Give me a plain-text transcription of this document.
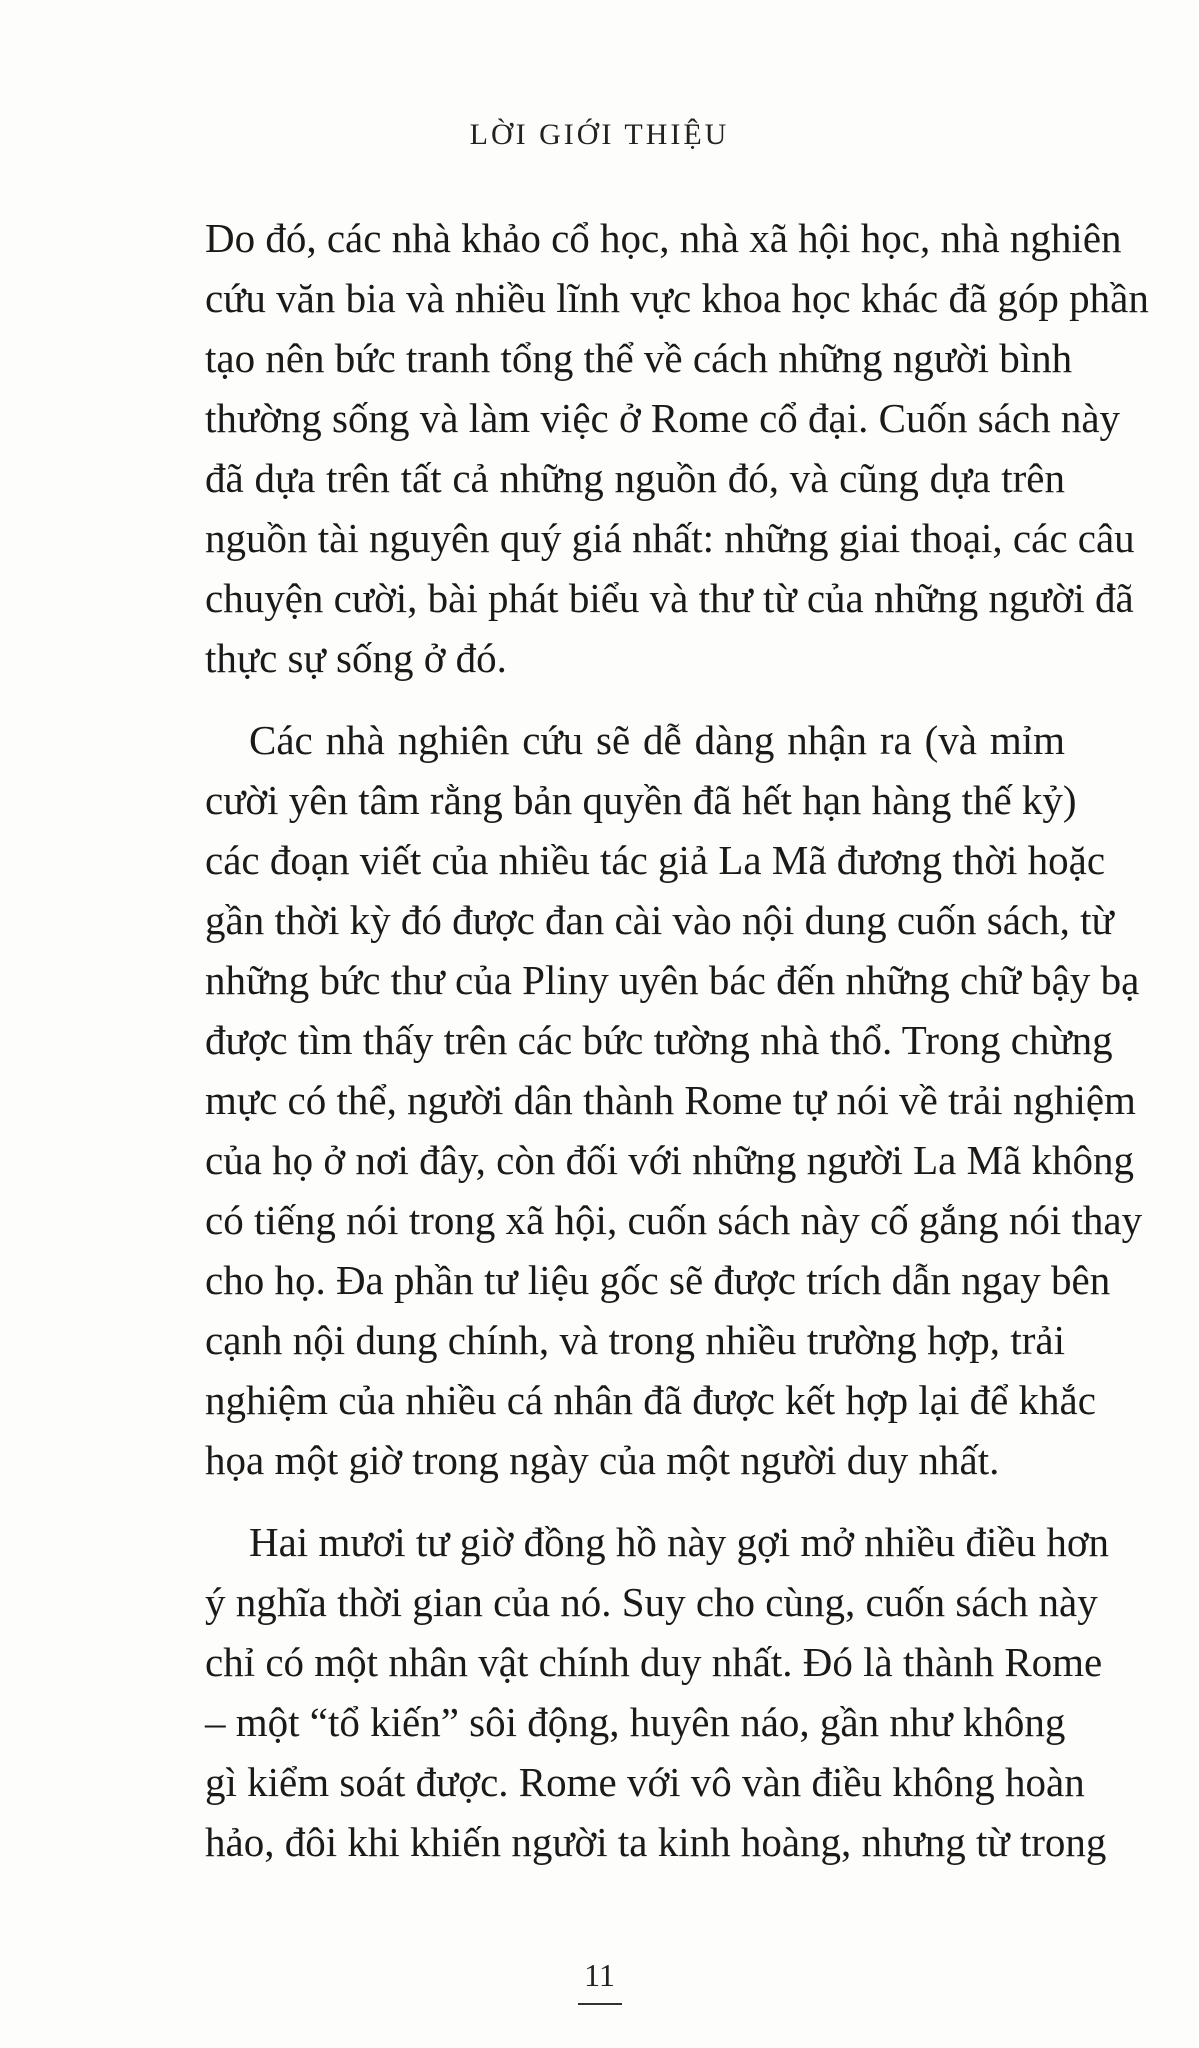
LỜI GIỚI THIỆU

Do đó, các nhà khảo cổ học, nhà xã hội học, nhà nghiên
cứu văn bia và nhiều lĩnh vực khoa học khác đã góp phần
tạo nên bức tranh tổng thể về cách những người bình
thường sống và làm việc ở Rome cổ đại. Cuốn sách này
đã dựa trên tất cả những nguồn đó, và cũng dựa trên
nguồn tài nguyên quý giá nhất: những giai thoại, các câu
chuyện cười, bài phát biểu và thư từ của những người đã
thực sự sống ở đó.

Các nhà nghiên cứu sẽ dễ dàng nhận ra (và mỉm
cười yên tâm rằng bản quyền đã hết hạn hàng thế kỷ)
các đoạn viết của nhiều tác giả La Mã đương thời hoặc
gần thời kỳ đó được đan cài vào nội dung cuốn sách, từ
những bức thư của Pliny uyên bác đến những chữ bậy bạ
được tìm thấy trên các bức tường nhà thổ. Trong chừng
mực có thể, người dân thành Rome tự nói về trải nghiệm
của họ ở nơi đây, còn đối với những người La Mã không
có tiếng nói trong xã hội, cuốn sách này cố gắng nói thay
cho họ. Đa phần tư liệu gốc sẽ được trích dẫn ngay bên
cạnh nội dung chính, và trong nhiều trường hợp, trải
nghiệm của nhiều cá nhân đã được kết hợp lại để khắc
họa một giờ trong ngày của một người duy nhất.

Hai mươi tư giờ đồng hồ này gợi mở nhiều điều hơn
ý nghĩa thời gian của nó. Suy cho cùng, cuốn sách này
chỉ có một nhân vật chính duy nhất. Đó là thành Rome
– một “tổ kiến” sôi động, huyên náo, gần như không
gì kiểm soát được. Rome với vô vàn điều không hoàn
hảo, đôi khi khiến người ta kinh hoàng, nhưng từ trong

11
